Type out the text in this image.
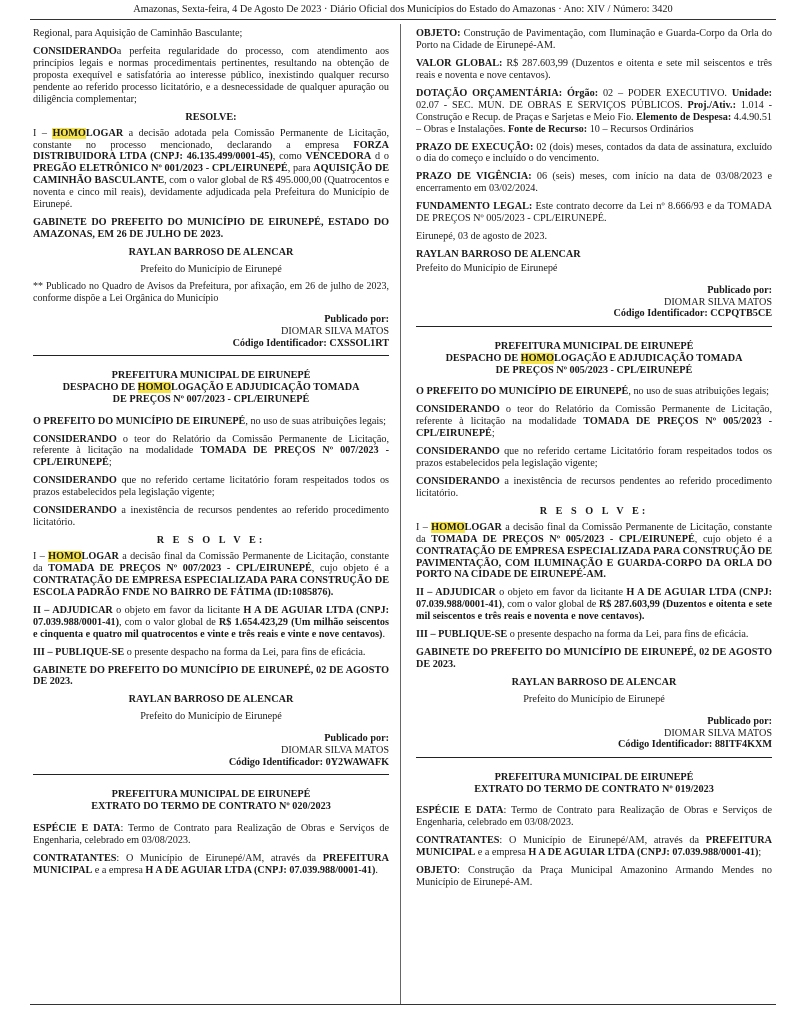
Amazonas, Sexta-feira, 4 De Agosto De 2023 · Diário Oficial dos Municípios do Estado do Amazonas · Ano: XIV / Número: 3420

Regional, para Aquisição de Caminhão Basculante;

CONSIDERANDOa perfeita regularidade do processo, com atendimento aos princípios legais e normas procedimentais pertinentes, resultando na obtenção de proposta exequível e satisfatória ao interesse público, inexistindo qualquer recurso pendente ao referido processo licitatório, e a desnecessidade de qualquer apuração ou diligência complementar;

RESOLVE:

I – HOMOLOGAR a decisão adotada pela Comissão Permanente de Licitação, constante no processo mencionado, declarando a empresa FORZA DISTRIBUIDORA LTDA (CNPJ: 46.135.499/0001-45), como VENCEDORA d o PREGÃO ELETRÔNICO Nº 001/2023 - CPL/EIRUNEPÉ, para AQUISIÇÃO DE CAMINHÃO BASCULANTE, com o valor global de R$ 495.000,00 (Quatrocentos e noventa e cinco mil reais), devidamente adjudicada pela Prefeitura do Município de Eirunepé.

GABINETE DO PREFEITO DO MUNICÍPIO DE EIRUNEPÉ, ESTADO DO AMAZONAS, EM 26 DE JULHO DE 2023.

RAYLAN BARROSO DE ALENCAR
Prefeito do Município de Eirunepé

** Publicado no Quadro de Avisos da Prefeitura, por afixação, em 26 de julho de 2023, conforme dispõe a Lei Orgânica do Município

Publicado por:
DIOMAR SILVA MATOS
Código Identificador: CXSSOL1RT
PREFEITURA MUNICIPAL DE EIRUNEPÉ
DESPACHO DE HOMOLOGAÇÃO E ADJUDICAÇÃO TOMADA
DE PREÇOS Nº 007/2023 - CPL/EIRUNEPÉ

O PREFEITO DO MUNICÍPIO DE EIRUNEPÉ, no uso de suas atribuições legais;

CONSIDERANDO o teor do Relatório da Comissão Permanente de Licitação, referente à licitação na modalidade TOMADA DE PREÇOS Nº 007/2023 - CPL/EIRUNEPÉ;

CONSIDERANDO que no referido certame licitatório foram respeitados todos os prazos estabelecidos pela legislação vigente;

CONSIDERANDO a inexistência de recursos pendentes ao referido procedimento licitatório.

R E S O L V E:

I – HOMOLOGAR a decisão final da Comissão Permanente de Licitação, constante da TOMADA DE PREÇOS Nº 007/2023 - CPL/EIRUNEPÉ, cujo objeto é a CONTRATAÇÃO DE EMPRESA ESPECIALIZADA PARA CONSTRUÇÃO DE ESCOLA PADRÃO FNDE NO BAIRRO DE FÁTIMA (ID:1085876).

II – ADJUDICAR o objeto em favor da licitante H A DE AGUIAR LTDA (CNPJ: 07.039.988/0001-41), com o valor global de R$ 1.654.423,29 (Um milhão seiscentos e cinquenta e quatro mil quatrocentos e vinte e três reais e vinte e nove centavos).

III – PUBLIQUE-SE o presente despacho na forma da Lei, para fins de eficácia.

GABINETE DO PREFEITO DO MUNICÍPIO DE EIRUNEPÉ, 02 DE AGOSTO DE 2023.

RAYLAN BARROSO DE ALENCAR
Prefeito do Município de Eirunepé
Publicado por:
DIOMAR SILVA MATOS
Código Identificador: 0Y2WAWAFK
PREFEITURA MUNICIPAL DE EIRUNEPÉ
EXTRATO DO TERMO DE CONTRATO Nº 020/2023

ESPÉCIE E DATA: Termo de Contrato para Realização de Obras e Serviços de Engenharia, celebrado em 03/08/2023.

CONTRATANTES: O Município de Eirunepé/AM, através da PREFEITURA MUNICIPAL e a empresa H A DE AGUIAR LTDA (CNPJ: 07.039.988/0001-41).

OBJETO: Construção de Pavimentação, com Iluminação e Guarda-Corpo da Orla do Porto na Cidade de Eirunepé-AM.

VALOR GLOBAL: R$ 287.603,99 (Duzentos e oitenta e sete mil seiscentos e três reais e noventa e nove centavos).

DOTAÇÃO ORÇAMENTÁRIA: Órgão: 02 – PODER EXECUTIVO. Unidade: 02.07 - SEC. MUN. DE OBRAS E SERVIÇOS PÚBLICOS. Proj./Ativ.: 1.014 - Construção e Recup. de Praças e Sarjetas e Meio Fio. Elemento de Despesa: 4.4.90.51 – Obras e Instalações. Fonte de Recurso: 10 – Recursos Ordinários

PRAZO DE EXECUÇÃO: 02 (dois) meses, contados da data de assinatura, excluído o dia do começo e incluído o do vencimento.

PRAZO DE VIGÊNCIA: 06 (seis) meses, com início na data de 03/08/2023 e encerramento em 03/02/2024.

FUNDAMENTO LEGAL: Este contrato decorre da Lei nº 8.666/93 e da TOMADA DE PREÇOS Nº 005/2023 - CPL/EIRUNEPÉ.

Eirunepé, 03 de agosto de 2023.

RAYLAN BARROSO DE ALENCAR

Prefeito do Município de Eirunepé

Publicado por:
DIOMAR SILVA MATOS
Código Identificador: CCPQTB5CE
PREFEITURA MUNICIPAL DE EIRUNEPÉ
DESPACHO DE HOMOLOGAÇÃO E ADJUDICAÇÃO TOMADA
DE PREÇOS Nº 005/2023 - CPL/EIRUNEPÉ

O PREFEITO DO MUNICÍPIO DE EIRUNEPÉ, no uso de suas atribuições legais;

CONSIDERANDO o teor do Relatório da Comissão Permanente de Licitação, referente à licitação na modalidade TOMADA DE PREÇOS Nº 005/2023 - CPL/EIRUNEPÉ;

CONSIDERANDO que no referido certame Licitatório foram respeitados todos os prazos estabelecidos pela legislação vigente;

CONSIDERANDO a inexistência de recursos pendentes ao referido procedimento licitatório.

R E S O L V E:

I – HOMOLOGAR a decisão final da Comissão Permanente de Licitação, constante da TOMADA DE PREÇOS Nº 005/2023 - CPL/EIRUNEPÉ, cujo objeto é a CONTRATAÇÃO DE EMPRESA ESPECIALIZADA PARA CONSTRUÇÃO DE PAVIMENTAÇÃO, COM ILUMINAÇÃO E GUARDA-CORPO DA ORLA DO PORTO NA CIDADE DE EIRUNEPÉ-AM.

II – ADJUDICAR o objeto em favor da licitante H A DE AGUIAR LTDA (CNPJ: 07.039.988/0001-41), com o valor global de R$ 287.603,99 (Duzentos e oitenta e sete mil seiscentos e três reais e noventa e nove centavos).

III – PUBLIQUE-SE o presente despacho na forma da Lei, para fins de eficácia.

GABINETE DO PREFEITO DO MUNICÍPIO DE EIRUNEPÉ, 02 DE AGOSTO DE 2023.

RAYLAN BARROSO DE ALENCAR
Prefeito do Município de Eirunepé
Publicado por:
DIOMAR SILVA MATOS
Código Identificador: 88ITF4KXM
PREFEITURA MUNICIPAL DE EIRUNEPÉ
EXTRATO DO TERMO DE CONTRATO Nº 019/2023

ESPÉCIE E DATA: Termo de Contrato para Realização de Obras e Serviços de Engenharia, celebrado em 03/08/2023.

CONTRATANTES: O Município de Eirunepé/AM, através da PREFEITURA MUNICIPAL e a empresa H A DE AGUIAR LTDA (CNPJ: 07.039.988/0001-41);

OBJETO: Construção da Praça Municipal Amazonino Armando Mendes no Município de Eirunepé-AM.
